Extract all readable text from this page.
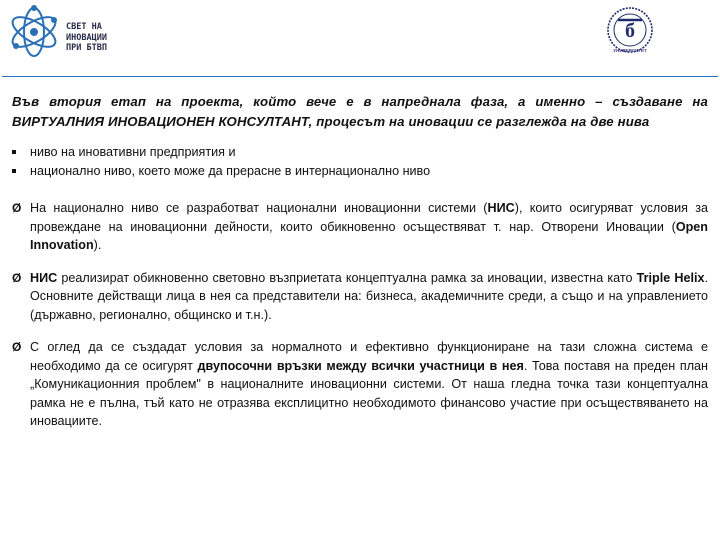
СВЕТ НА
ИНОВАЦИИ
ПРИ БТВП
б
УНИВЕРСИТЕТ

Във втория етап на проекта, който вече е в напреднала фаза, а именно – създаване на ВИРТУАЛНИЯ ИНОВАЦИОНЕН КОНСУЛТАНТ, процесът на иновации се разглежда на две нива

ниво на иновативни предприятия и
национално ниво, което може да прерасне в интернационално ниво
Ø На национално ниво се разработват национални иновационни системи (НИС), които осигуряват условия за провеждане на иновационни дейности, които обикновенно осъществяват т. нар. Отворени Иновации (Open Innovation).
Ø НИС реализират обикновенно световно възприетата концептуална рамка за иновации, известна като Triple Helix. Основните действащи лица в нея са представители на: бизнеса, академичните среди, а също и на управлението (държавно, регионално, общинско и т.н.).
Ø С оглед да се създадат условия за нормалното и ефективно функциониране на тази сложна система е необходимо да се осигурят двупосочни връзки между всички участници в нея. Това поставя на преден план „Комуникационния проблем" в националните иновационни системи. От наша гледна точка тази концептуална рамка не е пълна, тъй като не отразява експлицитно необходимото финансово участие при осъществяването на иновациите.
